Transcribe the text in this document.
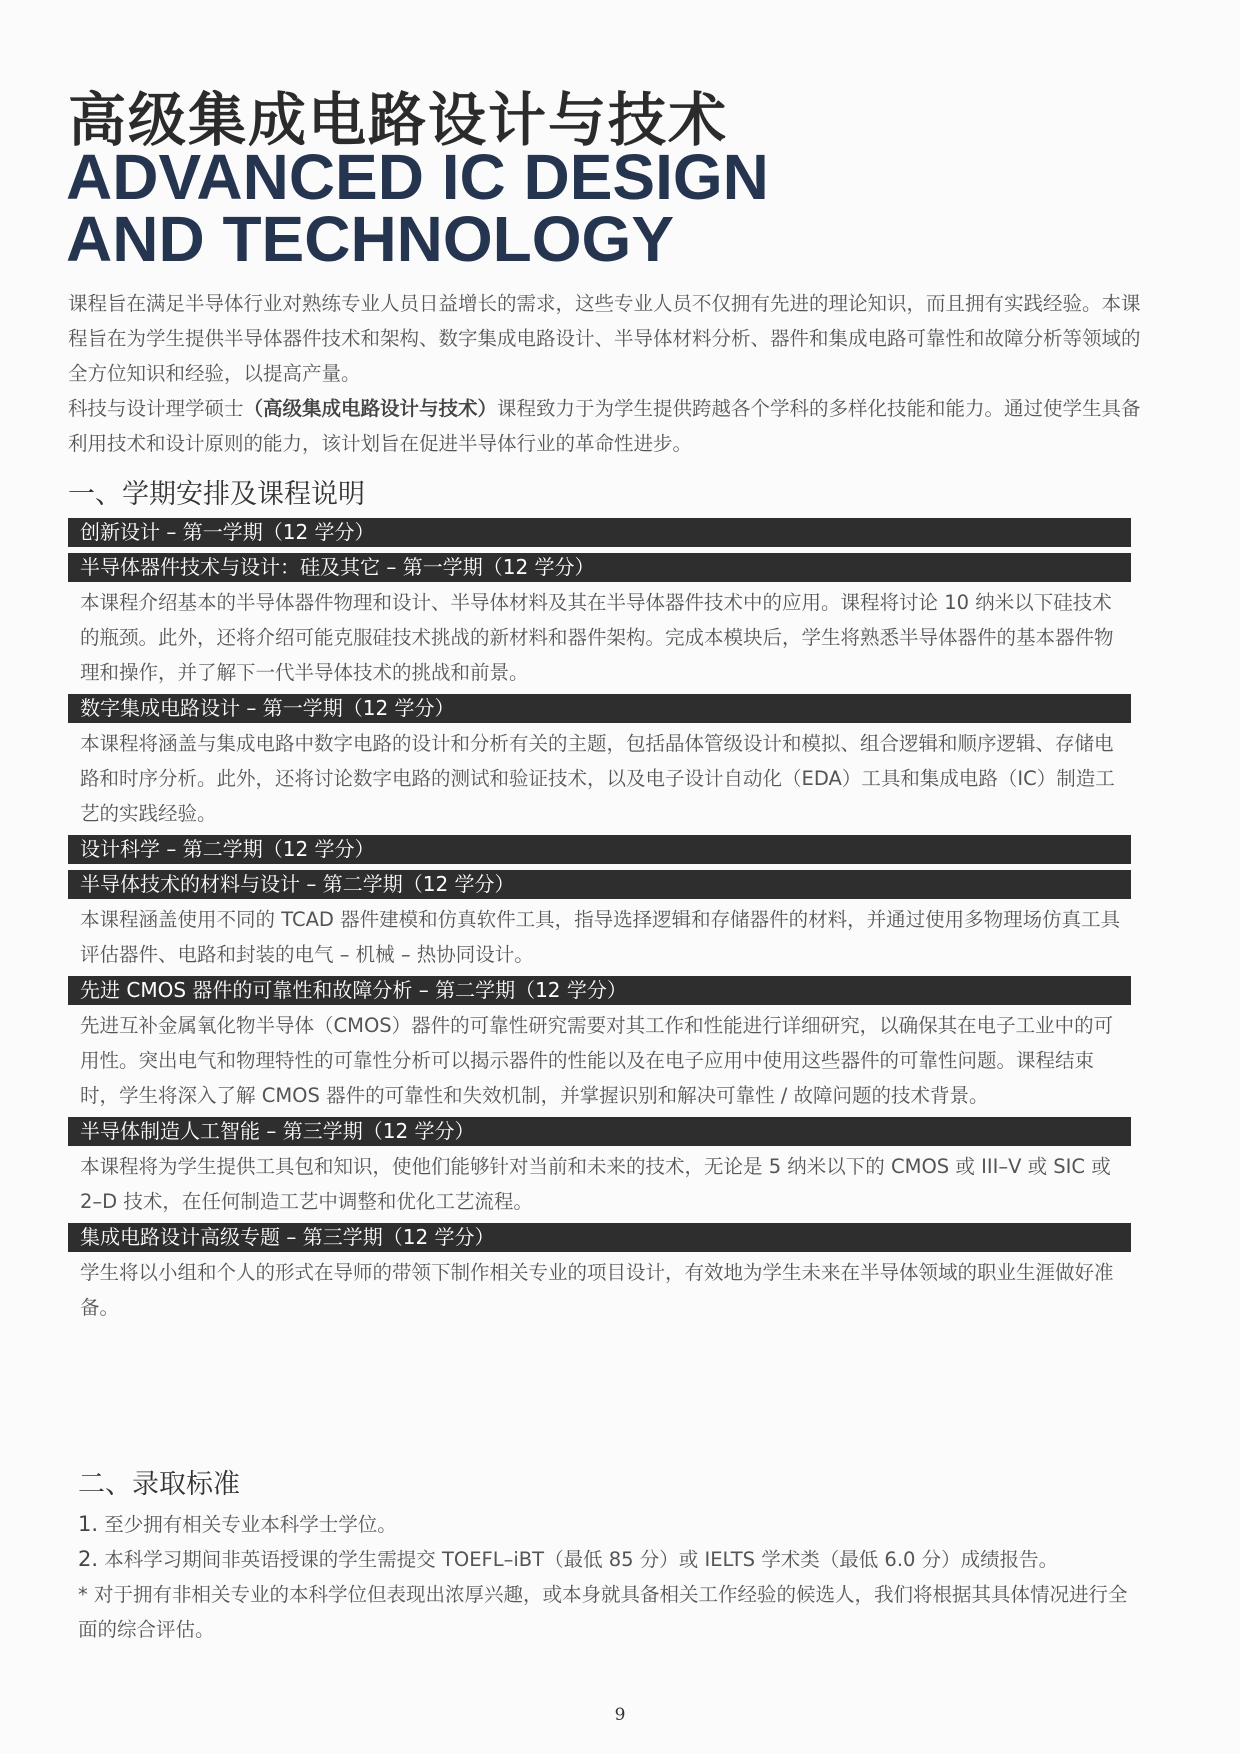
高级集成电路设计与技术
ADVANCED IC DESIGN
AND TECHNOLOGY

课程旨在满足半导体行业对熟练专业人员日益增长的需求，这些专业人员不仅拥有先进的理论知识，而且拥有实践经验。本课程旨在为学生提供半导体器件技术和架构、数字集成电路设计、半导体材料分析、器件和集成电路可靠性和故障分析等领域的全方位知识和经验，以提高产量。

科技与设计理学硕士（高级集成电路设计与技术）课程致力于为学生提供跨越各个学科的多样化技能和能力。通过使学生具备利用技术和设计原则的能力，该计划旨在促进半导体行业的革命性进步。

一、学期安排及课程说明
创新设计 – 第一学期（12 学分）
半导体器件技术与设计：硅及其它 – 第一学期（12 学分）
本课程介绍基本的半导体器件物理和设计、半导体材料及其在半导体器件技术中的应用。课程将讨论 10 纳米以下硅技术的瓶颈。此外，还将介绍可能克服硅技术挑战的新材料和器件架构。完成本模块后，学生将熟悉半导体器件的基本器件物理和操作，并了解下一代半导体技术的挑战和前景。
数字集成电路设计 – 第一学期（12 学分）
本课程将涵盖与集成电路中数字电路的设计和分析有关的主题，包括晶体管级设计和模拟、组合逻辑和顺序逻辑、存储电路和时序分析。此外，还将讨论数字电路的测试和验证技术，以及电子设计自动化（EDA）工具和集成电路（IC）制造工艺的实践经验。
设计科学 – 第二学期（12 学分）
半导体技术的材料与设计 – 第二学期（12 学分）
本课程涵盖使用不同的 TCAD 器件建模和仿真软件工具，指导选择逻辑和存储器件的材料，并通过使用多物理场仿真工具评估器件、电路和封装的电气 – 机械 – 热协同设计。
先进 CMOS 器件的可靠性和故障分析 – 第二学期（12 学分）
先进互补金属氧化物半导体（CMOS）器件的可靠性研究需要对其工作和性能进行详细研究，以确保其在电子工业中的可用性。突出电气和物理特性的可靠性分析可以揭示器件的性能以及在电子应用中使用这些器件的可靠性问题。课程结束时，学生将深入了解 CMOS 器件的可靠性和失效机制，并掌握识别和解决可靠性 / 故障问题的技术背景。
半导体制造人工智能 – 第三学期（12 学分）
本课程将为学生提供工具包和知识，使他们能够针对当前和未来的技术，无论是 5 纳米以下的 CMOS 或 III–V 或 SIC 或 2–D 技术，在任何制造工艺中调整和优化工艺流程。
集成电路设计高级专题 – 第三学期（12 学分）
学生将以小组和个人的形式在导师的带领下制作相关专业的项目设计，有效地为学生未来在半导体领域的职业生涯做好准备。
二、录取标准

1. 至少拥有相关专业本科学士学位。

2. 本科学习期间非英语授课的学生需提交 TOEFL–iBT（最低 85 分）或 IELTS 学术类（最低 6.0 分）成绩报告。

* 对于拥有非相关专业的本科学位但表现出浓厚兴趣，或本身就具备相关工作经验的候选人，我们将根据其具体情况进行全面的综合评估。

9
